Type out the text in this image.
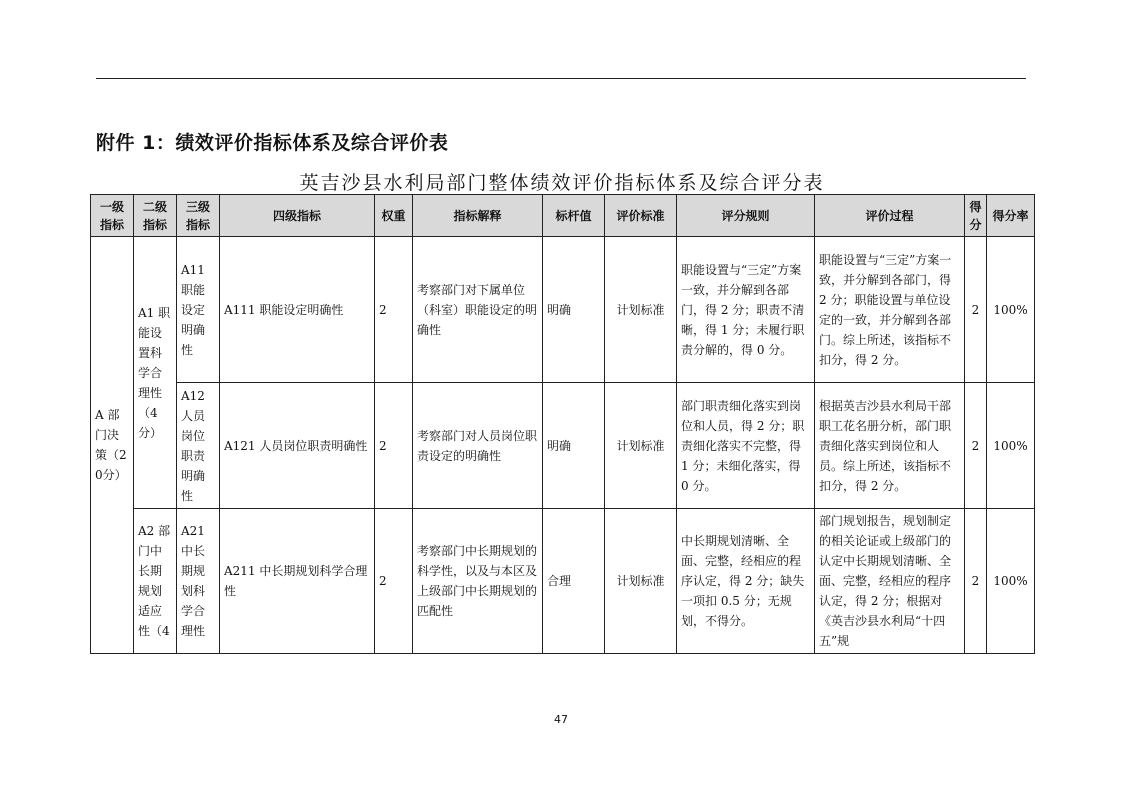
附件 1：绩效评价指标体系及综合评价表
英吉沙县水利局部门整体绩效评价指标体系及综合评分表
一级指标	二级指标	三级指标	四级指标	权重	指标解释	标杆值	评价标准	评分规则	评价过程	得分	得分率
A 部门决策（20分）	A1 职能设置科学合理性（4分）	A11 职能设定明确性	A111 职能设定明确性	2	考察部门对下属单位（科室）职能设定的明确性	明确	计划标准	职能设置与“三定”方案一致，并分解到各部门，得 2 分；职责不清晰，得 1 分；未履行职责分解的，得 0 分。	职能设置与“三定”方案一致，并分解到各部门，得 2 分；职能设置与单位设定的一致，并分解到各部门。综上所述，该指标不扣分，得 2 分。	2	100%
		A12 人员岗位职责明确性	A121 人员岗位职责明确性	2	考察部门对人员岗位职责设定的明确性	明确	计划标准	部门职责细化落实到岗位和人员，得 2 分；职责细化落实不完整，得 1 分；未细化落实，得 0 分。	根据英吉沙县水利局干部职工花名册分析，部门职责细化落实到岗位和人员。综上所述，该指标不扣分，得 2 分。	2	100%
	A2 部门中长期规划适应性（4	A21 中长期规划科学合理性	A211 中长期规划科学合理性	2	考察部门中长期规划的科学性，以及与本区及上级部门中长期规划的匹配性	合理	计划标准	中长期规划清晰、全面、完整，经相应的程序认定，得 2 分；缺失一项扣 0.5 分；无规划，不得分。	部门规划报告，规划制定的相关论证或上级部门的认定中长期规划清晰、全面、完整，经相应的程序认定，得 2 分；根据对《英吉沙县水利局“十四五”规	2	100%
47
